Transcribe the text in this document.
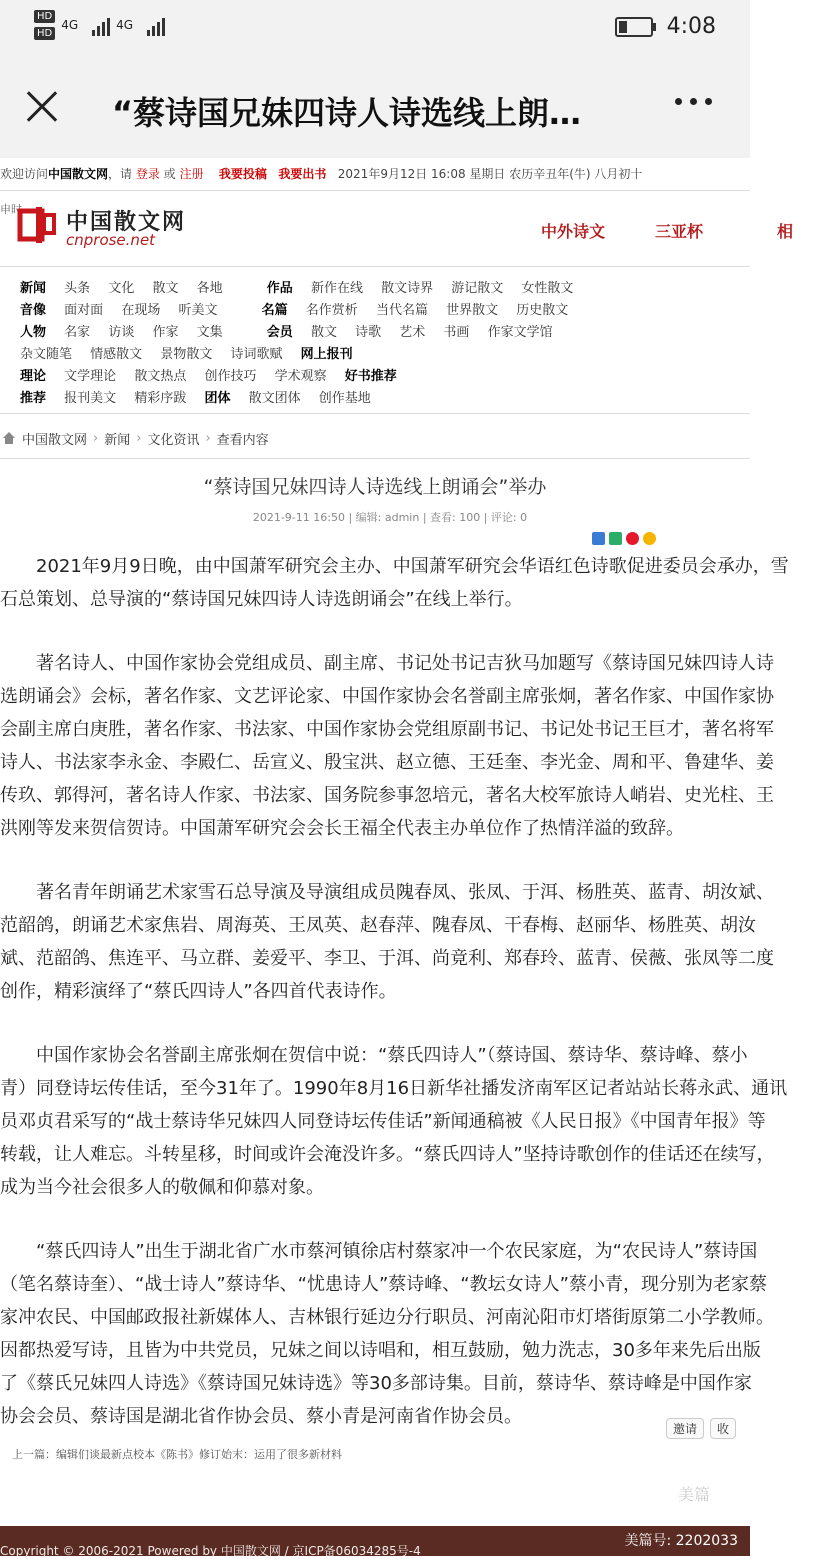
HD
HD
4G	4G	4:08
“蔡诗国兄妹四诗人诗选线上朗…
欢迎访问中国散文网，请 登录 或 注册 我要投稿 我要出书 2021年9月12日 16:08 星期日 农历辛丑年(牛) 八月初十
申时
中国散文网
cnprose.net	中外诗文	三亚杯	相
新闻 头条 文化 散文 各地	作品 新作在线 散文诗界 游记散文 女性散文
音像 面对面 在现场 听美文	名篇 名作赏析 当代名篇 世界散文 历史散文
人物 名家 访谈 作家 文集	会员 散文 诗歌 艺术 书画 作家文学馆
杂文随笔 情感散文 景物散文 诗词歌赋 网上报刊
理论 文学理论 散文热点 创作技巧 学术观察 好书推荐
推荐 报刊美文 精彩序跋 团体 散文团体 创作基地
中国散文网 › 新闻 › 文化资讯 › 查看内容
“蔡诗国兄妹四诗人诗选线上朗诵会”举办
2021-9-11 16:50 | 编辑: admin | 查看: 100 | 评论: 0

2021年9月9日晚，由中国萧军研究会主办、中国萧军研究会华语红色诗歌促进委员会承办，雪
石总策划、总导演的“蔡诗国兄妹四诗人诗选朗诵会”在线上举行。

著名诗人、中国作家协会党组成员、副主席、书记处书记吉狄马加题写《蔡诗国兄妹四诗人诗
选朗诵会》会标，著名作家、文艺评论家、中国作家协会名誉副主席张炯，著名作家、中国作家协
会副主席白庚胜，著名作家、书法家、中国作家协会党组原副书记、书记处书记王巨才，著名将军
诗人、书法家李永金、李殿仁、岳宣义、殷宝洪、赵立德、王廷奎、李光金、周和平、鲁建华、姜
传玖、郭得河，著名诗人作家、书法家、国务院参事忽培元，著名大校军旅诗人峭岩、史光柱、王
洪刚等发来贺信贺诗。中国萧军研究会会长王福全代表主办单位作了热情洋溢的致辞。

著名青年朗诵艺术家雪石总导演及导演组成员隗春凤、张凤、于洱、杨胜英、蓝青、胡汝斌、
范韶鸽，朗诵艺术家焦岩、周海英、王凤英、赵春萍、隗春凤、干春梅、赵丽华、杨胜英、胡汝
斌、范韶鸽、焦连平、马立群、姜爱平、李卫、于洱、尚竟利、郑春玲、蓝青、侯薇、张凤等二度
创作，精彩演绎了“蔡氏四诗人”各四首代表诗作。

中国作家协会名誉副主席张炯在贺信中说：“蔡氏四诗人”（蔡诗国、蔡诗华、蔡诗峰、蔡小
青）同登诗坛传佳话，至今31年了。1990年8月16日新华社播发济南军区记者站站长蒋永武、通讯
员邓贞君采写的“战士蔡诗华兄妹四人同登诗坛传佳话”新闻通稿被《人民日报》《中国青年报》等
转载，让人难忘。斗转星移，时间或许会淹没许多。“蔡氏四诗人”坚持诗歌创作的佳话还在续写，
成为当今社会很多人的敬佩和仰慕对象。

“蔡氏四诗人”出生于湖北省广水市蔡河镇徐店村蔡家冲一个农民家庭，为“农民诗人”蔡诗国
（笔名蔡诗奎）、“战士诗人”蔡诗华、“忧患诗人”蔡诗峰、“教坛女诗人”蔡小青，现分别为老家蔡
家冲农民、中国邮政报社新媒体人、吉林银行延边分行职员、河南沁阳市灯塔街原第二小学教师。
因都热爱写诗，且皆为中共党员，兄妹之间以诗唱和，相互鼓励，勉力洗志，30多年来先后出版
了《蔡氏兄妹四人诗选》《蔡诗国兄妹诗选》等30多部诗集。目前，蔡诗华、蔡诗峰是中国作家
协会会员、蔡诗国是湖北省作协会员、蔡小青是河南省作协会员。

邀请	收
上一篇：编辑们谈最新点校本《陈书》修订始末：运用了很多新材料
美篇
Copyright © 2006-2021 Powered by 中国散文网 / 京ICP备06034285号-4
美篇号: 2202033
